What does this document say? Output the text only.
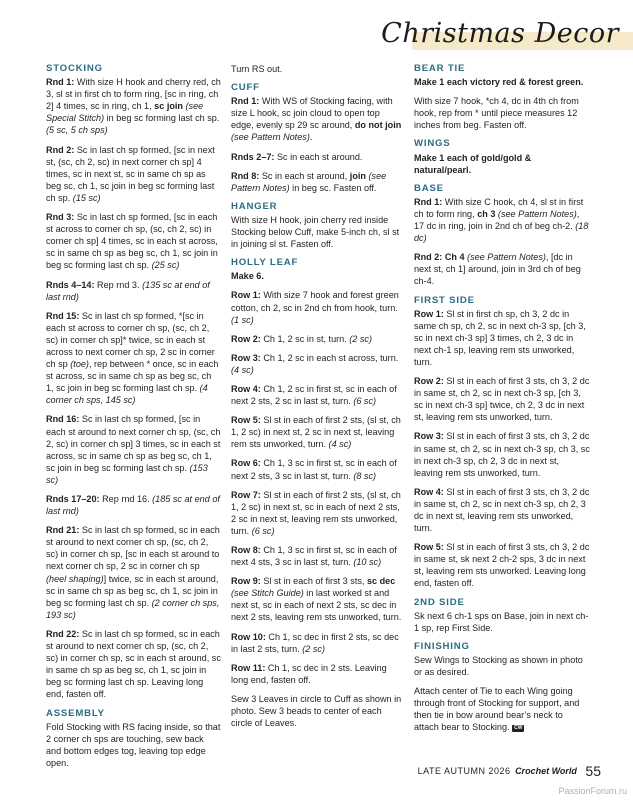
Christmas Decor
STOCKING
Rnd 1: With size H hook and cherry red, ch 3, sl st in first ch to form ring, [sc in ring, ch 2] 4 times, sc in ring, ch 1, sc join (see Special Stitch) in beg sc forming last ch sp. (5 sc, 5 ch sps)
Rnd 2: Sc in last ch sp formed, [sc in next st, (sc, ch 2, sc) in next corner ch sp] 4 times, sc in next st, sc in same ch sp as beg sc, ch 1, sc join in beg sc forming last ch sp. (15 sc)
Rnd 3: Sc in last ch sp formed, [sc in each st across to corner ch sp, (sc, ch 2, sc) in corner ch sp] 4 times, sc in each st across, sc in same ch sp as beg sc, ch 1, sc join in beg sc forming last ch sp. (25 sc)
Rnds 4–14: Rep rnd 3. (135 sc at end of last rnd)
Rnd 15: Sc in last ch sp formed, *[sc in each st across to corner ch sp, (sc, ch 2, sc) in corner ch sp]* twice, sc in each st across to next corner ch sp, 2 sc in corner ch sp (toe), rep between * once, sc in each st across, sc in same ch sp as beg sc, ch 1, sc join in beg sc forming last ch sp. (4 corner ch sps, 145 sc)
Rnd 16: Sc in last ch sp formed, [sc in each st around to next corner ch sp, (sc, ch 2, sc) in corner ch sp] 3 times, sc in each st across, sc in same ch sp as beg sc, ch 1, sc join in beg sc forming last ch sp. (153 sc)
Rnds 17–20: Rep rnd 16. (185 sc at end of last rnd)
Rnd 21: Sc in last ch sp formed, sc in each st around to next corner ch sp, (sc, ch 2, sc) in corner ch sp, [sc in each st around to next corner ch sp, 2 sc in corner ch sp (heel shaping)] twice, sc in each st around, sc in same ch sp as beg sc, ch 1, sc join in beg sc forming last ch sp. (2 corner ch sps, 193 sc)
Rnd 22: Sc in last ch sp formed, sc in each st around to next corner ch sp, (sc, ch 2, sc) in corner ch sp, sc in each st around, sc in same ch sp as beg sc, ch 1, sc join in beg sc forming last ch sp. Leaving long end, fasten off.
ASSEMBLY
Fold Stocking with RS facing inside, so that 2 corner ch sps are touching, sew back and bottom edges tog, leaving top edge open.
Turn RS out.
CUFF
Rnd 1: With WS of Stocking facing, with size L hook, sc join cloud to open top edge, evenly sp 29 sc around, do not join (see Pattern Notes).
Rnds 2–7: Sc in each st around.
Rnd 8: Sc in each st around, join (see Pattern Notes) in beg sc. Fasten off.
HANGER
With size H hook, join cherry red inside Stocking below Cuff, make 5-inch ch, sl st in joining sl st. Fasten off.
HOLLY LEAF
Make 6.
Row 1: With size 7 hook and forest green cotton, ch 2, sc in 2nd ch from hook, turn. (1 sc)
Row 2: Ch 1, 2 sc in st, turn. (2 sc)
Row 3: Ch 1, 2 sc in each st across, turn. (4 sc)
Row 4: Ch 1, 2 sc in first st, sc in each of next 2 sts, 2 sc in last st, turn. (6 sc)
Row 5: Sl st in each of first 2 sts, (sl st, ch 1, 2 sc) in next st, 2 sc in next st, leaving rem sts unworked, turn. (4 sc)
Row 6: Ch 1, 3 sc in first st, sc in each of next 2 sts, 3 sc in last st, turn. (8 sc)
Row 7: Sl st in each of first 2 sts, (sl st, ch 1, 2 sc) in next st, sc in each of next 2 sts, 2 sc in next st, leaving rem sts unworked, turn. (6 sc)
Row 8: Ch 1, 3 sc in first st, sc in each of next 4 sts, 3 sc in last st, turn. (10 sc)
Row 9: Sl st in each of first 3 sts, sc dec (see Stitch Guide) in last worked st and next st, sc in each of next 2 sts, sc dec in next 2 sts, leaving rem sts unworked, turn.
Row 10: Ch 1, sc dec in first 2 sts, sc dec in last 2 sts, turn. (2 sc)
Row 11: Ch 1, sc dec in 2 sts. Leaving long end, fasten off.
Sew 3 Leaves in circle to Cuff as shown in photo. Sew 3 beads to center of each circle of Leaves.
BEAR TIE
Make 1 each victory red & forest green.
With size 7 hook, *ch 4, dc in 4th ch from hook, rep from * until piece measures 12 inches from beg. Fasten off.
WINGS
Make 1 each of gold/gold & natural/pearl.
BASE
Rnd 1: With size C hook, ch 4, sl st in first ch to form ring, ch 3 (see Pattern Notes), 17 dc in ring, join in 2nd ch of beg ch-2. (18 dc)
Rnd 2: Ch 4 (see Pattern Notes), [dc in next st, ch 1] around, join in 3rd ch of beg ch-4.
FIRST SIDE
Row 1: Sl st in first ch sp, ch 3, 2 dc in same ch sp, ch 2, sc in next ch-3 sp, [ch 3, sc in next ch-3 sp] 3 times, ch 2, 3 dc in next ch-1 sp, leaving rem sts unworked, turn.
Row 2: Sl st in each of first 3 sts, ch 3, 2 dc in same st, ch 2, sc in next ch-3 sp, [ch 3, sc in next ch-3 sp] twice, ch 2, 3 dc in next st, leaving rem sts unworked, turn.
Row 3: Sl st in each of first 3 sts, ch 3, 2 dc in same st, ch 2, sc in next ch-3 sp, ch 3, sc in next ch-3 sp, ch 2, 3 dc in next st, leaving rem sts unworked, turn.
Row 4: Sl st in each of first 3 sts, ch 3, 2 dc in same st, ch 2, sc in next ch-3 sp, ch 2, 3 dc in next st, leaving rem sts unworked, turn.
Row 5: Sl st in each of first 3 sts, ch 3, 2 dc in same st, sk next 2 ch-2 sps, 3 dc in next st, leaving rem sts unworked. Leaving long end, fasten off.
2ND SIDE
Sk next 6 ch-1 sps on Base, join in next ch-1 sp, rep First Side.
FINISHING
Sew Wings to Stocking as shown in photo or as desired.
Attach center of Tie to each Wing going through front of Stocking for support, and then tie in bow around bear’s neck to attach bear to Stocking. CW
LATE AUTUMN 2026 Crochet World 55
PassionForum.ru
